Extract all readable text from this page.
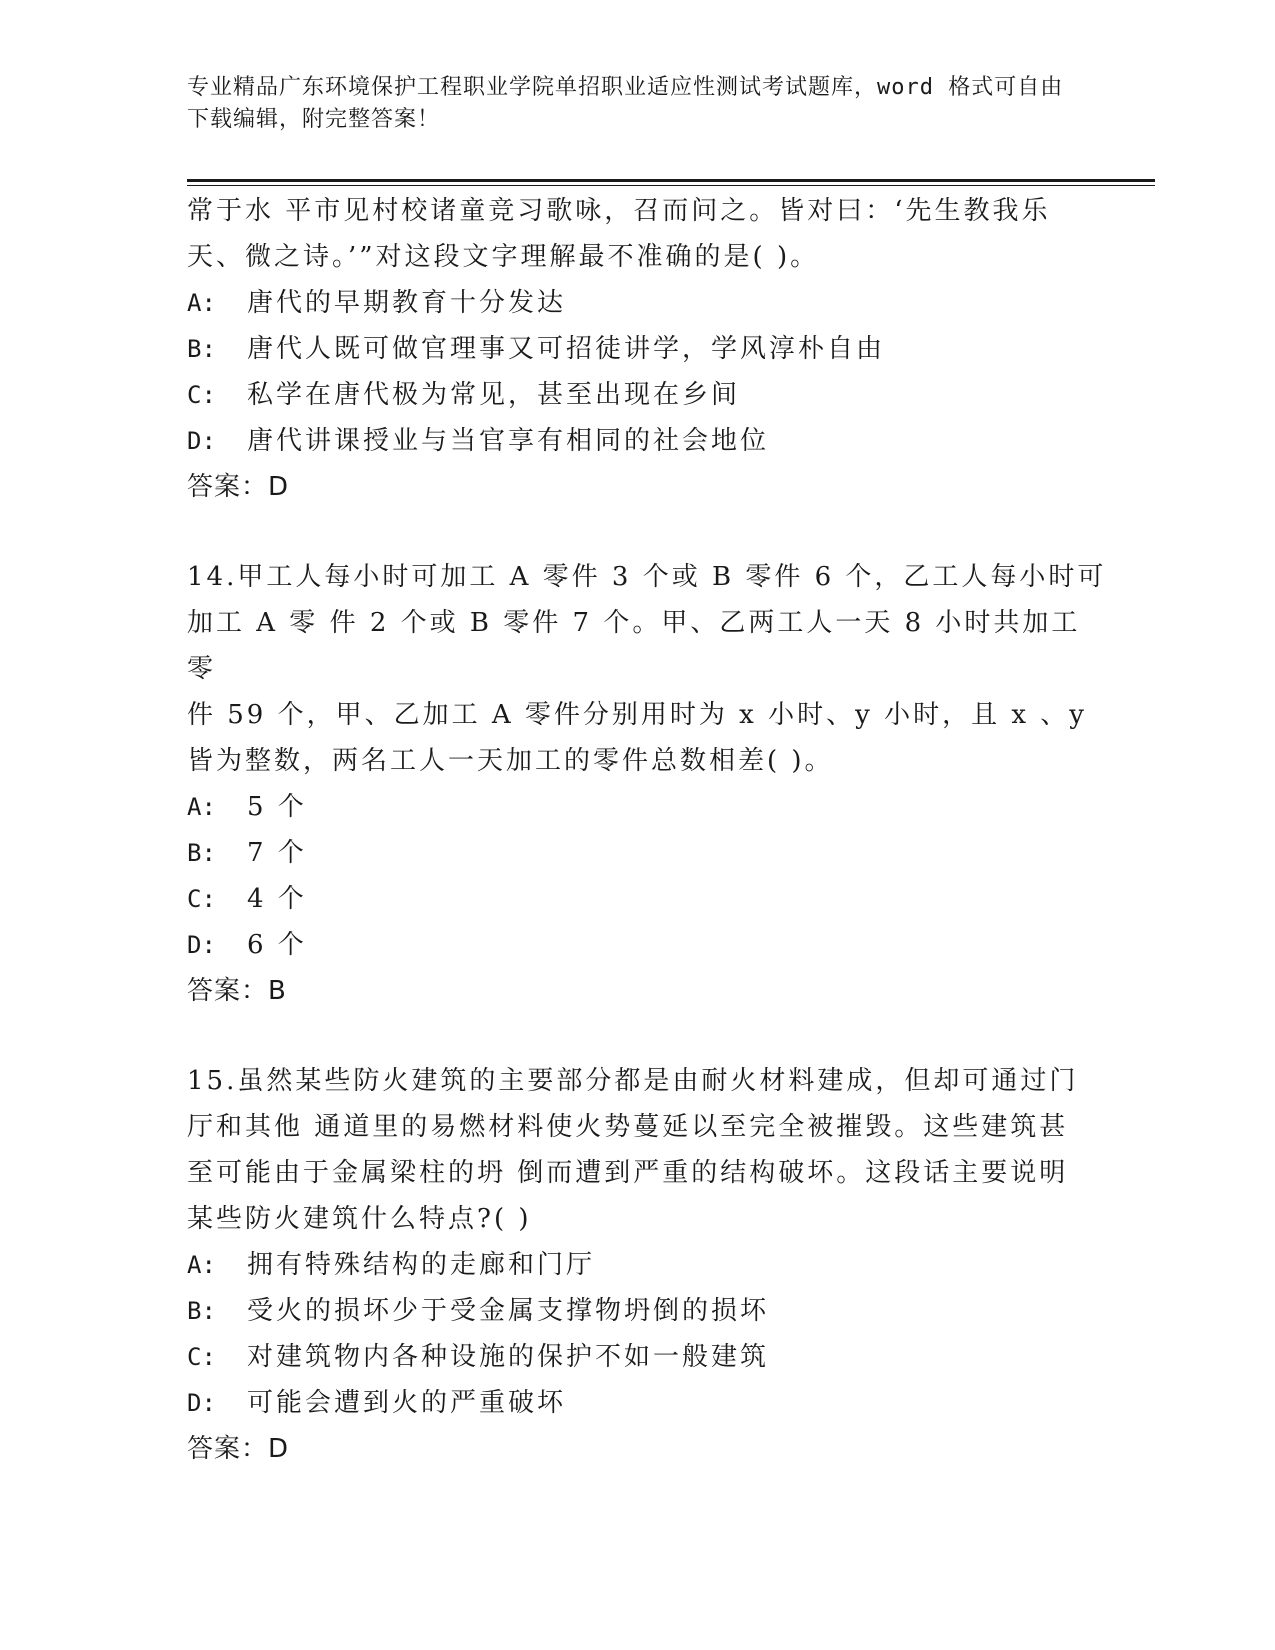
专业精品广东环境保护工程职业学院单招职业适应性测试考试题库，word 格式可自由下载编辑，附完整答案！

常于水 平市见村校诸童竞习歌咏，召而问之。皆对曰：‘先生教我乐

天、微之诗。’”对这段文字理解最不准确的是( )。

A: 唐代的早期教育十分发达

B: 唐代人既可做官理事又可招徒讲学，学风淳朴自由

C: 私学在唐代极为常见，甚至出现在乡间

D: 唐代讲课授业与当官享有相同的社会地位

答案：D

14.甲工人每小时可加工 A 零件 3 个或 B 零件 6 个，乙工人每小时可

加工 A 零 件 2 个或 B 零件 7 个。甲、乙两工人一天 8 小时共加工零

件 59 个，甲、乙加工 A 零件分别用时为 x 小时、y 小时，且 x 、y

皆为整数，两名工人一天加工的零件总数相差( )。

A: 5 个

B: 7 个

C: 4 个

D: 6 个

答案：B

15.虽然某些防火建筑的主要部分都是由耐火材料建成，但却可通过门

厅和其他 通道里的易燃材料使火势蔓延以至完全被摧毁。这些建筑甚

至可能由于金属梁柱的坍 倒而遭到严重的结构破坏。这段话主要说明

某些防火建筑什么特点?( )

A: 拥有特殊结构的走廊和门厅

B: 受火的损坏少于受金属支撑物坍倒的损坏

C: 对建筑物内各种设施的保护不如一般建筑

D: 可能会遭到火的严重破坏

答案：D
